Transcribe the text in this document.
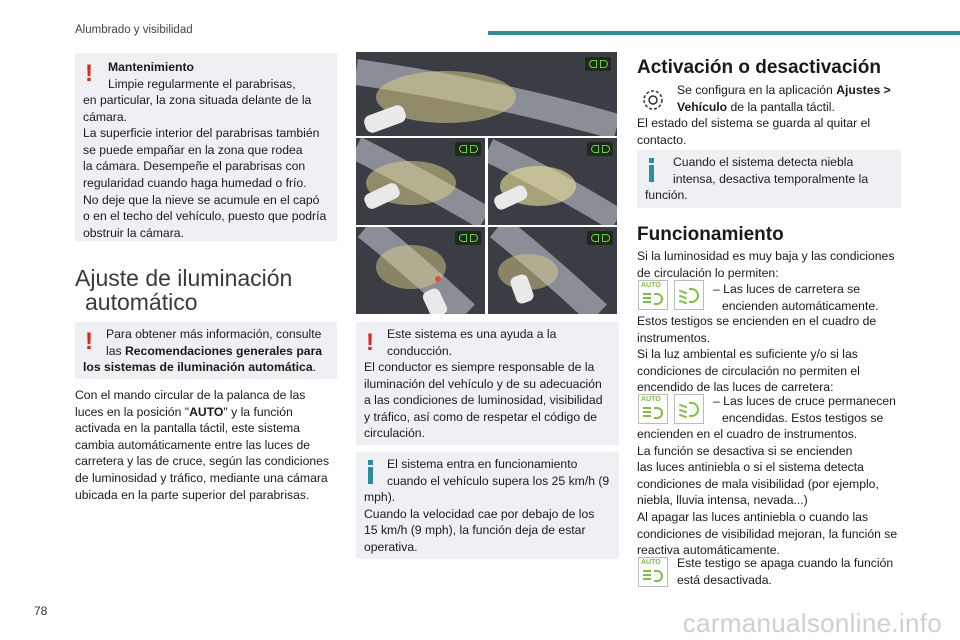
Alumbrado y visibilidad
! Mantenimiento

Limpie regularmente el parabrisas,

en particular, la zona situada delante de la

cámara.

La superficie interior del parabrisas también

se puede empañar en la zona que rodea

la cámara. Desempeñe el parabrisas con

regularidad cuando haga humedad o frío.

No deje que la nieve se acumule en el capó

o en el techo del vehículo, puesto que podría

obstruir la cámara.

Ajuste de iluminación
automático
! Para obtener más información, consulte

las Recomendaciones generales para

los sistemas de iluminación automática.

Con el mando circular de la palanca de las

luces en la posición "AUTO" y la función

activada en la pantalla táctil, este sistema

cambia automáticamente entre las luces de

carretera y las de cruce, según las condiciones

de luminosidad y tráfico, mediante una cámara

ubicada en la parte superior del parabrisas.

! Este sistema es una ayuda a la

conducción.

El conductor es siempre responsable de la

iluminación del vehículo y de su adecuación

a las condiciones de luminosidad, visibilidad

y tráfico, así como de respetar el código de

circulación.

El sistema entra en funcionamiento

cuando el vehículo supera los 25 km/h (9

mph).

Cuando la velocidad cae por debajo de los

15 km/h (9 mph), la función deja de estar

operativa.

Activación o desactivación

Se configura en la aplicación Ajustes >

Vehículo de la pantalla táctil.

El estado del sistema se guarda al quitar el

contacto.

Cuando el sistema detecta niebla

intensa, desactiva temporalmente la

función.

Funcionamiento

Si la luminosidad es muy baja y las condiciones

de circulación lo permiten:

AUTO	– Las luces de carretera se

encienden automáticamente.

Estos testigos se encienden en el cuadro de

instrumentos.

Si la luz ambiental es suficiente y/o si las

condiciones de circulación no permiten el

encendido de las luces de carretera:

AUTO	– Las luces de cruce permanecen

encendidas. Estos testigos se

encienden en el cuadro de instrumentos.

La función se desactiva si se encienden

las luces antiniebla o si el sistema detecta

condiciones de mala visibilidad (por ejemplo,

niebla, lluvia intensa, nevada...)

Al apagar las luces antiniebla o cuando las

condiciones de visibilidad mejoran, la función se

reactiva automáticamente.

AUTO Este testigo se apaga cuando la función

está desactivada.

78	carmanualsonline.info
